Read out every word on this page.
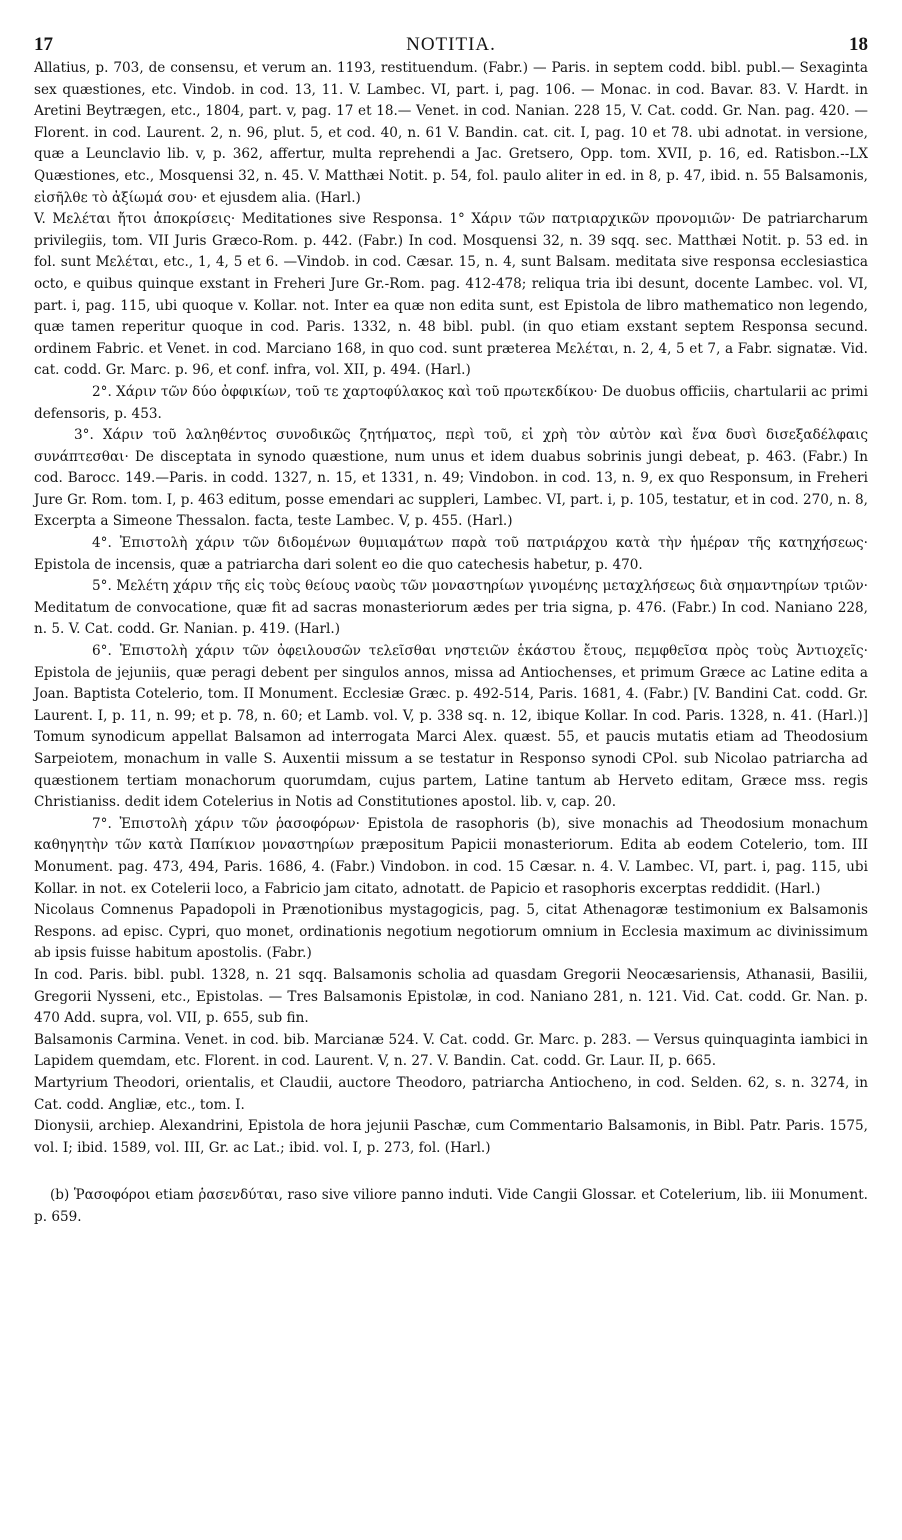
17	NOTITIA.	18

Allatius, p. 703, de consensu, et verum an. 1193, restituendum. (Fabr.) — Paris. in septem codd. bibl. publ.— Sexaginta sex quæstiones, etc. Vindob. in cod. 13, 11. V. Lambec. VI, part. i, pag. 106. — Monac. in cod. Bavar. 83. V. Hardt. in Aretini Beytrægen, etc., 1804, part. v, pag. 17 et 18.— Venet. in cod. Nanian. 228 15, V. Cat. codd. Gr. Nan. pag. 420. — Florent. in cod. Laurent. 2, n. 96, plut. 5, et cod. 40, n. 61 V. Bandin. cat. cit. I, pag. 10 et 78. ubi adnotat. in versione, quæ a Leunclavio lib. v, p. 362, affertur, multa reprehendi a Jac. Gretsero, Opp. tom. XVII, p. 16, ed. Ratisbon.--LX Quæstiones, etc., Mosquensi 32, n. 45. V. Matthæi Notit. p. 54, fol. paulo aliter in ed. in 8, p. 47, ibid. n. 55 Balsamonis, εἰσῆλθε τὸ ἀξίωμά σου· et ejusdem alia. (Harl.)

V. Μελέται ἤτοι ἀποκρίσεις· Meditationes sive Responsa. 1° Χάριν τῶν πατριαρχικῶν προνομιῶν· De patriarcharum privilegiis, tom. VII Juris Græco-Rom. p. 442. (Fabr.) In cod. Mosquensi 32, n. 39 sqq. sec. Matthæi Notit. p. 53 ed. in fol. sunt Μελέται, etc., 1, 4, 5 et 6. —Vindob. in cod. Cæsar. 15, n. 4, sunt Balsam. meditata sive responsa ecclesiastica octo, e quibus quinque exstant in Freheri Jure Gr.-Rom. pag. 412-478; reliqua tria ibi desunt, docente Lambec. vol. VI, part. i, pag. 115, ubi quoque v. Kollar. not. Inter ea quæ non edita sunt, est Epistola de libro mathematico non legendo, quæ tamen reperitur quoque in cod. Paris. 1332, n. 48 bibl. publ. (in quo etiam exstant septem Responsa secund. ordinem Fabric. et Venet. in cod. Marciano 168, in quo cod. sunt præterea Μελέται, n. 2, 4, 5 et 7, a Fabr. signatæ. Vid. cat. codd. Gr. Marc. p. 96, et conf. infra, vol. XII, p. 494. (Harl.)

2°. Χάριν τῶν δύο ὀφφικίων, τοῦ τε χαρτοφύλακος καὶ τοῦ πρωτεκδίκου· De duobus officiis, chartularii ac primi defensoris, p. 453.

3°. Χάριν τοῦ λαληθέντος συνοδικῶς ζητήματος, περὶ τοῦ, εἰ χρὴ τὸν αὐτὸν καὶ ἕνα δυσὶ δισεξαδέλφαις συνάπτεσθαι· De disceptata in synodo quæstione, num unus et idem duabus sobrinis jungi debeat, p. 463. (Fabr.) In cod. Barocc. 149.—Paris. in codd. 1327, n. 15, et 1331, n. 49; Vindobon. in cod. 13, n. 9, ex quo Responsum, in Freheri Jure Gr. Rom. tom. I, p. 463 editum, posse emendari ac suppleri, Lambec. VI, part. i, p. 105, testatur, et in cod. 270, n. 8, Excerpta a Simeone Thessalon. facta, teste Lambec. V, p. 455. (Harl.)

4°. Ἐπιστολὴ χάριν τῶν διδομένων θυμιαμάτων παρὰ τοῦ πατριάρχου κατὰ τὴν ἡμέραν τῆς κατηχήσεως· Epistola de incensis, quæ a patriarcha dari solent eo die quo catechesis habetur, p. 470.

5°. Μελέτη χάριν τῆς εἰς τοὺς θείους ναοὺς τῶν μοναστηρίων γινομένης μεταχλήσεως διὰ σημαντηρίων τριῶν· Meditatum de convocatione, quæ fit ad sacras monasteriorum ædes per tria signa, p. 476. (Fabr.) In cod. Naniano 228, n. 5. V. Cat. codd. Gr. Nanian. p. 419. (Harl.)

6°. Ἐπιστολὴ χάριν τῶν ὀφειλουσῶν τελεῖσθαι νηστειῶν ἑκάστου ἔτους, πεμφθεῖσα πρὸς τοὺς Ἀντιοχεῖς· Epistola de jejuniis, quæ peragi debent per singulos annos, missa ad Antiochenses, et primum Græce ac Latine edita a Joan. Baptista Cotelerio, tom. II Monument. Ecclesiæ Græc. p. 492-514, Paris. 1681, 4. (Fabr.) [V. Bandini Cat. codd. Gr. Laurent. I, p. 11, n. 99; et p. 78, n. 60; et Lamb. vol. V, p. 338 sq. n. 12, ibique Kollar. In cod. Paris. 1328, n. 41. (Harl.)] Tomum synodicum appellat Balsamon ad interrogata Marci Alex. quæst. 55, et paucis mutatis etiam ad Theodosium Sarpeiotem, monachum in valle S. Auxentii missum a se testatur in Responso synodi CPol. sub Nicolao patriarcha ad quæstionem tertiam monachorum quorumdam, cujus partem, Latine tantum ab Herveto editam, Græce mss. regis Christianiss. dedit idem Cotelerius in Notis ad Constitutiones apostol. lib. v, cap. 20.

7°. Ἐπιστολὴ χάριν τῶν ῥασοφόρων· Epistola de rasophoris (b), sive monachis ad Theodosium monachum καθηγητὴν τῶν κατὰ Παπίκιον μοναστηρίων præpositum Papicii monasteriorum. Edita ab eodem Cotelerio, tom. III Monument. pag. 473, 494, Paris. 1686, 4. (Fabr.) Vindobon. in cod. 15 Cæsar. n. 4. V. Lambec. VI, part. i, pag. 115, ubi Kollar. in not. ex Cotelerii loco, a Fabricio jam citato, adnotatt. de Papicio et rasophoris excerptas reddidit. (Harl.)

Nicolaus Comnenus Papadopoli in Prænotionibus mystagogicis, pag. 5, citat Athenagoræ testimonium ex Balsamonis Respons. ad episc. Cypri, quo monet, ordinationis negotium negotiorum omnium in Ecclesia maximum ac divinissimum ab ipsis fuisse habitum apostolis. (Fabr.)

In cod. Paris. bibl. publ. 1328, n. 21 sqq. Balsamonis scholia ad quasdam Gregorii Neocæsariensis, Athanasii, Basilii, Gregorii Nysseni, etc., Epistolas. — Tres Balsamonis Epistolæ, in cod. Naniano 281, n. 121. Vid. Cat. codd. Gr. Nan. p. 470 Add. supra, vol. VII, p. 655, sub fin.

Balsamonis Carmina. Venet. in cod. bib. Marcianæ 524. V. Cat. codd. Gr. Marc. p. 283. — Versus quinquaginta iambici in Lapidem quemdam, etc. Florent. in cod. Laurent. V, n. 27. V. Bandin. Cat. codd. Gr. Laur. II, p. 665.

Martyrium Theodori, orientalis, et Claudii, auctore Theodoro, patriarcha Antiocheno, in cod. Selden. 62, s. n. 3274, in Cat. codd. Angliæ, etc., tom. I.

Dionysii, archiep. Alexandrini, Epistola de hora jejunii Paschæ, cum Commentario Balsamonis, in Bibl. Patr. Paris. 1575, vol. I; ibid. 1589, vol. III, Gr. ac Lat.; ibid. vol. I, p. 273, fol. (Harl.)

(b) Ῥασοφόροι etiam ῥασενδύται, raso sive viliore panno induti. Vide Cangii Glossar. et Cotelerium, lib. iii Monument. p. 659.
